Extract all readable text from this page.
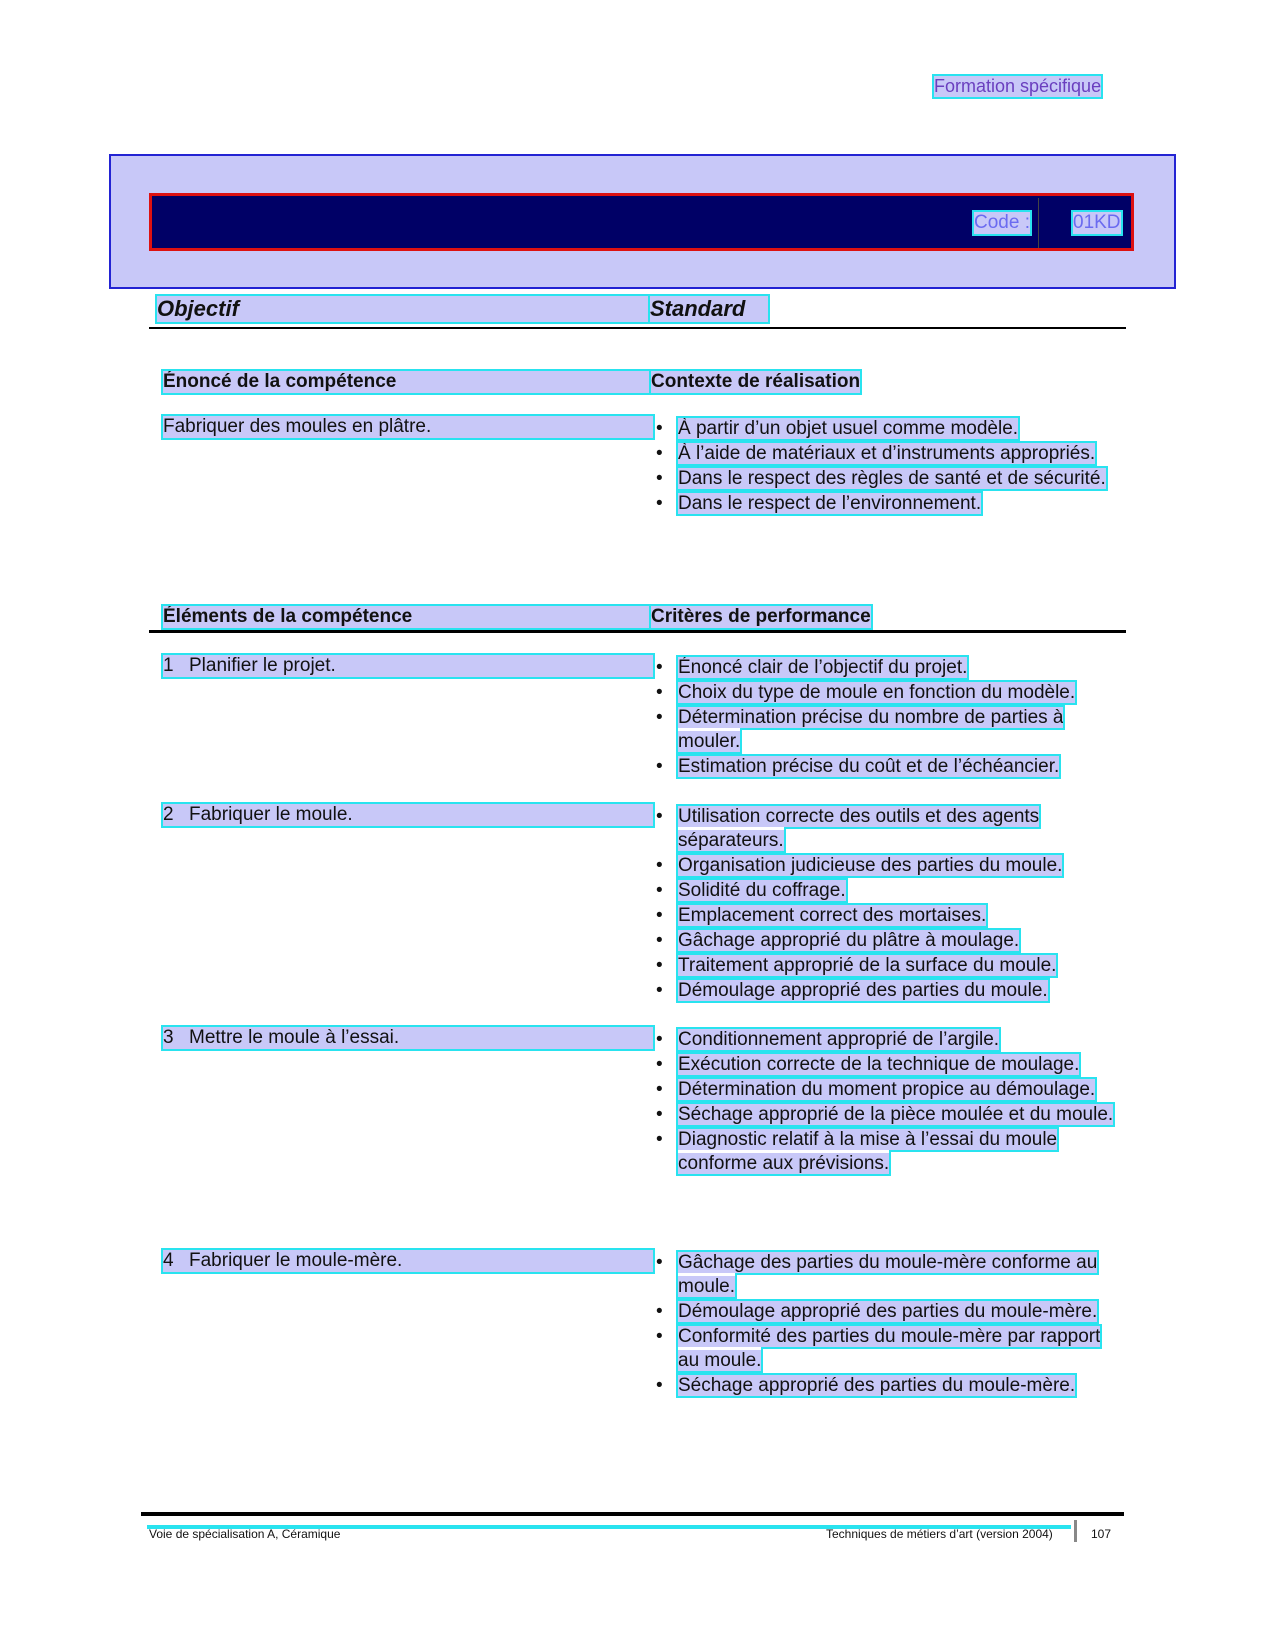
Formation spécifique
Code : 01KD
Objectif	Standard
Énoncé de la compétence	Contexte de réalisation
Fabriquer des moules en plâtre.	• À partir d’un objet usuel comme modèle.
• À l’aide de matériaux et d’instruments appropriés.
• Dans le respect des règles de santé et de sécurité.
• Dans le respect de l’environnement.
Éléments de la compétence	Critères de performance
1 Planifier le projet.	• Énoncé clair de l’objectif du projet.
• Choix du type de moule en fonction du modèle.
• Détermination précise du nombre de parties à mouler.
• Estimation précise du coût et de l’échéancier.
2 Fabriquer le moule.	• Utilisation correcte des outils et des agents séparateurs.
• Organisation judicieuse des parties du moule.
• Solidité du coffrage.
• Emplacement correct des mortaises.
• Gâchage approprié du plâtre à moulage.
• Traitement approprié de la surface du moule.
• Démoulage approprié des parties du moule.
3 Mettre le moule à l’essai.	• Conditionnement approprié de l’argile.
• Exécution correcte de la technique de moulage.
• Détermination du moment propice au démoulage.
• Séchage approprié de la pièce moulée et du moule.
• Diagnostic relatif à la mise à l’essai du moule conforme aux prévisions.
4 Fabriquer le moule-mère.	• Gâchage des parties du moule-mère conforme au moule.
• Démoulage approprié des parties du moule-mère.
• Conformité des parties du moule-mère par rapport au moule.
• Séchage approprié des parties du moule-mère.
Voie de spécialisation A, Céramique	Techniques de métiers d’art (version 2004)	107
